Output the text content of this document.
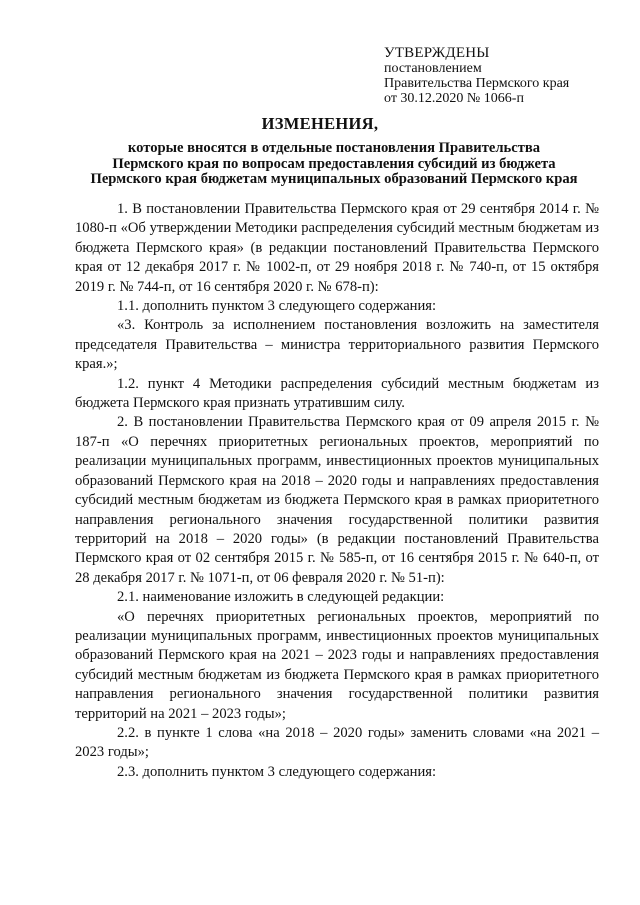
УТВЕРЖДЕНЫ
постановлением
Правительства Пермского края
от 30.12.2020 № 1066-п
ИЗМЕНЕНИЯ,
которые вносятся в отдельные постановления Правительства
Пермского края по вопросам предоставления субсидий из бюджета
Пермского края бюджетам муниципальных образований Пермского края

1. В постановлении Правительства Пермского края от 29 сентября 2014 г. № 1080-п «Об утверждении Методики распределения субсидий местным бюджетам из бюджета Пермского края» (в редакции постановлений Правительства Пермского края от 12 декабря 2017 г. № 1002-п, от 29 ноября 2018 г. № 740-п, от 15 октября 2019 г. № 744-п, от 16 сентября 2020 г. № 678-п):

1.1. дополнить пунктом 3 следующего содержания:

«3. Контроль за исполнением постановления возложить на заместителя председателя Правительства – министра территориального развития Пермского края.»;

1.2. пункт 4 Методики распределения субсидий местным бюджетам из бюджета Пермского края признать утратившим силу.

2. В постановлении Правительства Пермского края от 09 апреля 2015 г. № 187-п «О перечнях приоритетных региональных проектов, мероприятий по реализации муниципальных программ, инвестиционных проектов муниципальных образований Пермского края на 2018 – 2020 годы и направлениях предоставления субсидий местным бюджетам из бюджета Пермского края в рамках приоритетного направления регионального значения государственной политики развития территорий на 2018 – 2020 годы» (в редакции постановлений Правительства Пермского края от 02 сентября 2015 г. № 585-п, от 16 сентября 2015 г. № 640-п, от 28 декабря 2017 г. № 1071-п, от 06 февраля 2020 г. № 51-п):

2.1. наименование изложить в следующей редакции:

«О перечнях приоритетных региональных проектов, мероприятий по реализации муниципальных программ, инвестиционных проектов муниципальных образований Пермского края на 2021 – 2023 годы и направлениях предоставления субсидий местным бюджетам из бюджета Пермского края в рамках приоритетного направления регионального значения государственной политики развития территорий на 2021 – 2023 годы»;

2.2. в пункте 1 слова «на 2018 – 2020 годы» заменить словами «на 2021 – 2023 годы»;

2.3. дополнить пунктом 3 следующего содержания:
